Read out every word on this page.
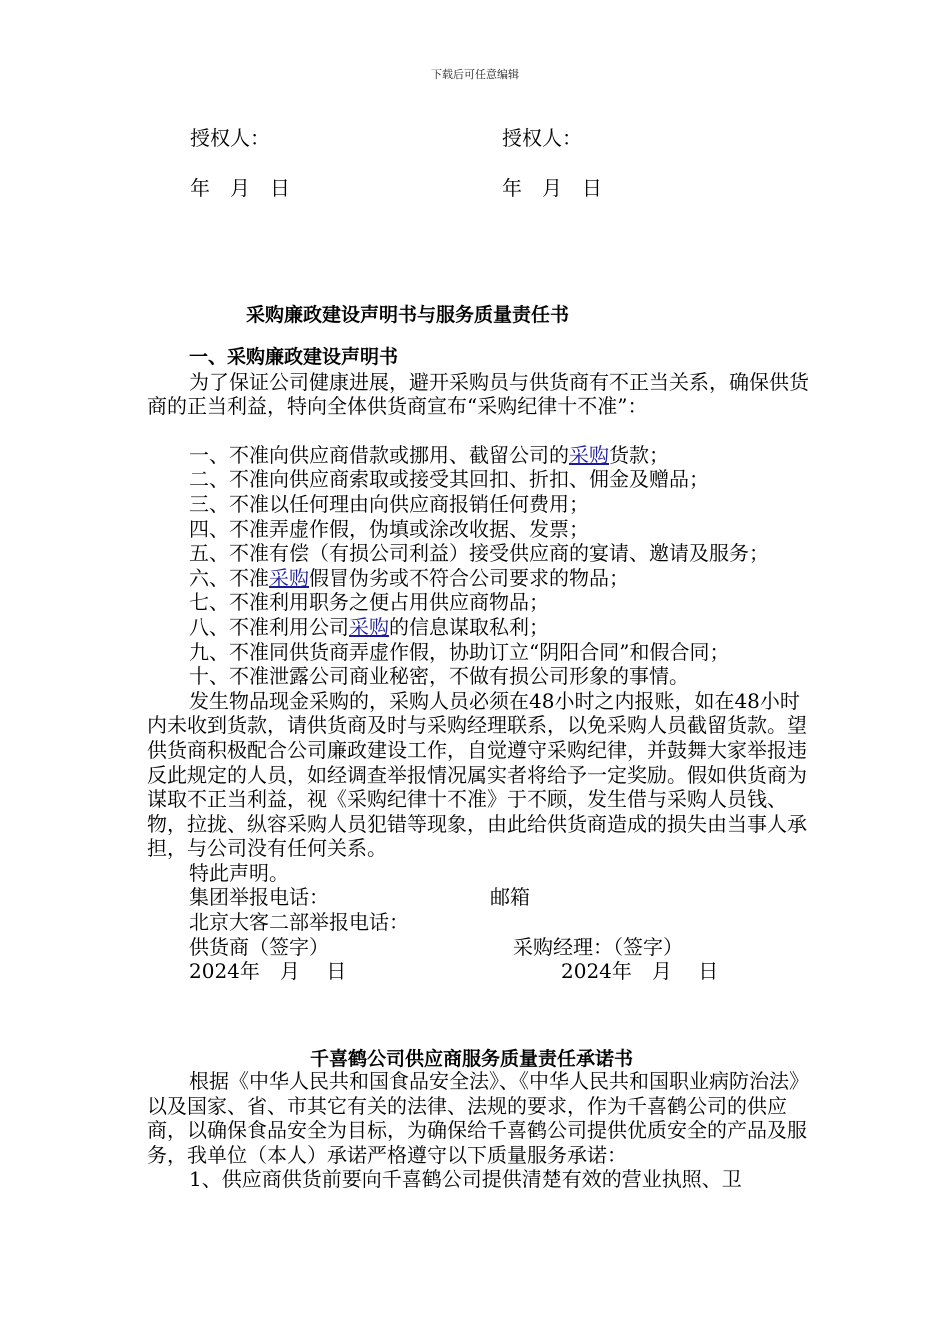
下载后可任意编辑
授权人：	授权人：
年　月　日	年　月　日
采购廉政建设声明书与服务质量责任书

一、采购廉政建设声明书

为了保证公司健康进展，避开采购员与供货商有不正当关系，确保供货商的正当利益，特向全体供货商宣布“采购纪律十不准”：

一、不准向供应商借款或挪用、截留公司的采购货款；

二、不准向供应商索取或接受其回扣、折扣、佣金及赠品；

三、不准以任何理由向供应商报销任何费用；

四、不准弄虚作假，伪填或涂改收据、发票；

五、不准有偿（有损公司利益）接受供应商的宴请、邀请及服务；

六、不准采购假冒伪劣或不符合公司要求的物品；

七、不准利用职务之便占用供应商物品；

八、不准利用公司采购的信息谋取私利；

九、不准同供货商弄虚作假，协助订立“阴阳合同”和假合同；

十、不准泄露公司商业秘密，不做有损公司形象的事情。

发生物品现金采购的，采购人员必须在48小时之内报账，如在48小时内未收到货款，请供货商及时与采购经理联系，以免采购人员截留货款。望供货商积极配合公司廉政建设工作，自觉遵守采购纪律，并鼓舞大家举报违反此规定的人员，如经调查举报情况属实者将给予一定奖励。假如供货商为谋取不正当利益，视《采购纪律十不准》于不顾，发生借与采购人员钱、物，拉拢、纵容采购人员犯错等现象，由此给供货商造成的损失由当事人承担，与公司没有任何关系。

特此声明。

集团举报电话：	邮箱
北京大客二部举报电话：
供货商（签字）	采购经理：（签字）
2024年　月　 日	2024年　月　 日
千喜鹤公司供应商服务质量责任承诺书

根据《中华人民共和国食品安全法》、《中华人民共和国职业病防治法》以及国家、省、市其它有关的法律、法规的要求，作为千喜鹤公司的供应商，以确保食品安全为目标，为确保给千喜鹤公司提供优质安全的产品及服务，我单位（本人）承诺严格遵守以下质量服务承诺：

1、供应商供货前要向千喜鹤公司提供清楚有效的营业执照、卫
